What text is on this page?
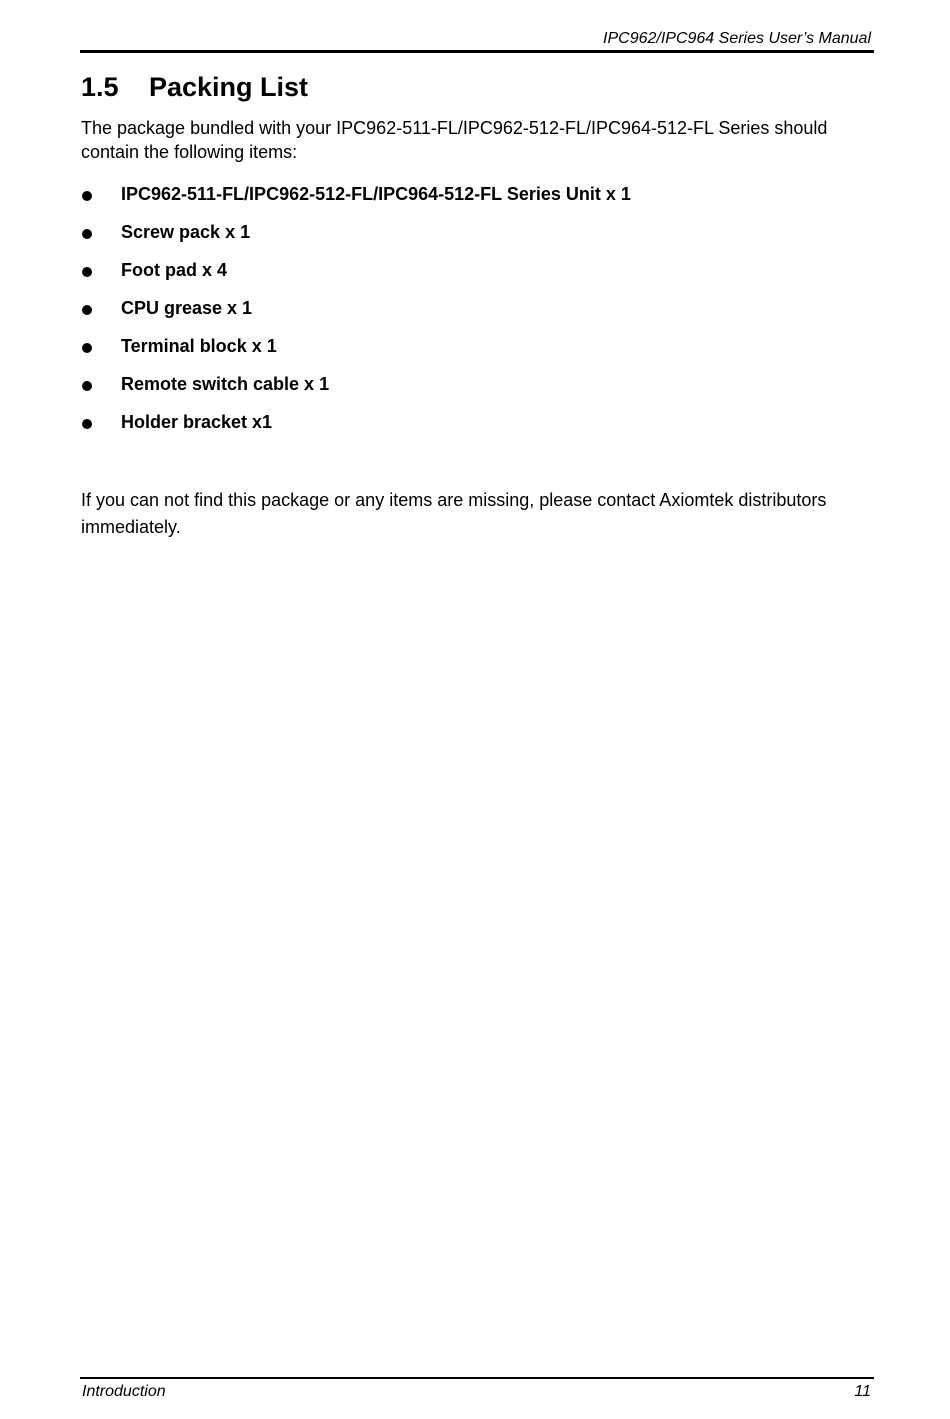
IPC962/IPC964 Series User’s Manual
1.5 Packing List

The package bundled with your IPC962-511-FL/IPC962-512-FL/IPC964-512-FL Series should contain the following items:

IPC962-511-FL/IPC962-512-FL/IPC964-512-FL Series Unit x 1
Screw pack x 1
Foot pad x 4
CPU grease x 1
Terminal block x 1
Remote switch cable x 1
Holder bracket x1

If you can not find this package or any items are missing, please contact Axiomtek distributors immediately.

Introduction	11
